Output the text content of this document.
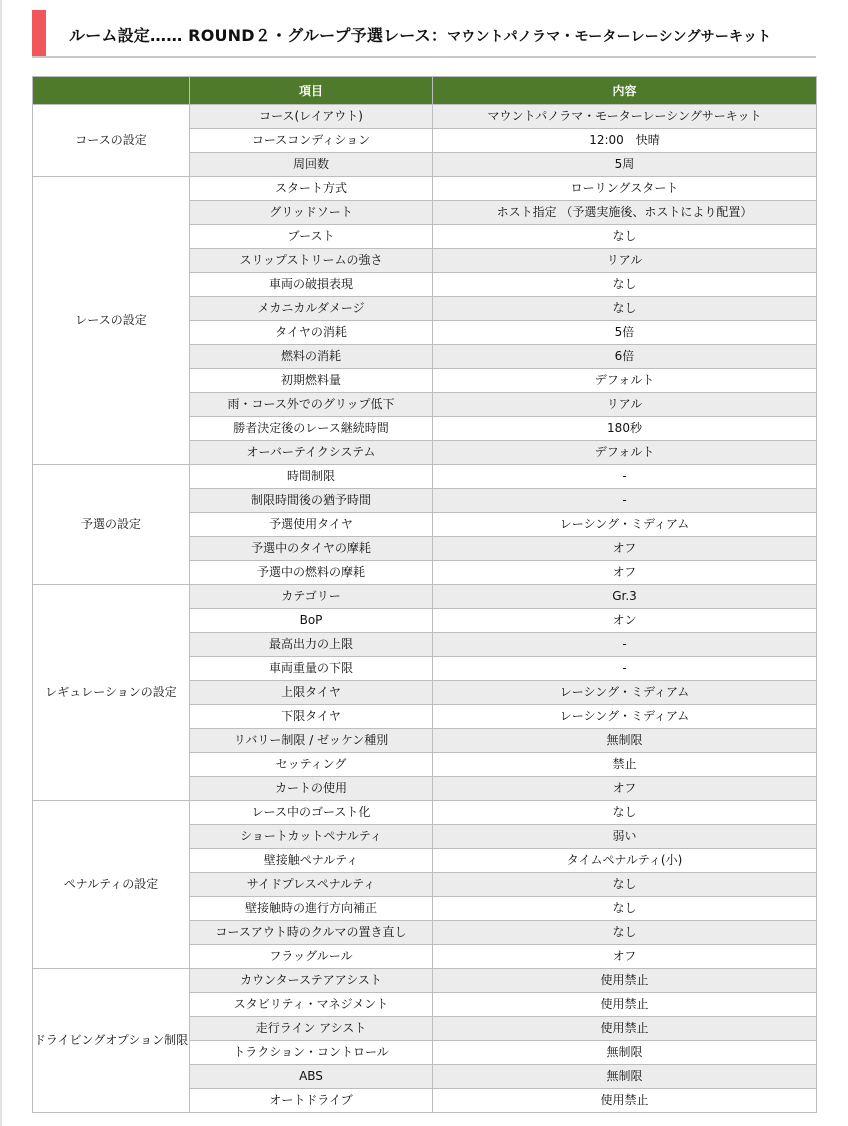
ルーム設定…… ROUND２・グループ予選レース：マウントパノラマ・モーターレーシングサーキット
	項目	内容
コースの設定	コース(レイアウト)	マウントパノラマ・モーターレーシングサーキット
	コースコンディション	12:00　快晴
	周回数	5周
レースの設定	スタート方式	ローリングスタート
	グリッドソート	ホスト指定 （予選実施後、ホストにより配置）
	ブースト	なし
	スリップストリームの強さ	リアル
	車両の破損表現	なし
	メカニカルダメージ	なし
	タイヤの消耗	5倍
	燃料の消耗	6倍
	初期燃料量	デフォルト
	雨・コース外でのグリップ低下	リアル
	勝者決定後のレース継続時間	180秒
	オーバーテイクシステム	デフォルト
予選の設定	時間制限	-
	制限時間後の猶予時間	-
	予選使用タイヤ	レーシング・ミディアム
	予選中のタイヤの摩耗	オフ
	予選中の燃料の摩耗	オフ
レギュレーションの設定	カテゴリー	Gr.3
	BoP	オン
	最高出力の上限	-
	車両重量の下限	-
	上限タイヤ	レーシング・ミディアム
	下限タイヤ	レーシング・ミディアム
	リバリー制限 / ゼッケン種別	無制限
	セッティング	禁止
	カートの使用	オフ
ペナルティの設定	レース中のゴースト化	なし
	ショートカットペナルティ	弱い
	壁接触ペナルティ	タイムペナルティ(小)
	サイドプレスペナルティ	なし
	壁接触時の進行方向補正	なし
	コースアウト時のクルマの置き直し	なし
	フラッグルール	オフ
ドライビングオプション制限	カウンターステアアシスト	使用禁止
	スタビリティ・マネジメント	使用禁止
	走行ライン アシスト	使用禁止
	トラクション・コントロール	無制限
	ABS	無制限
	オートドライブ	使用禁止
